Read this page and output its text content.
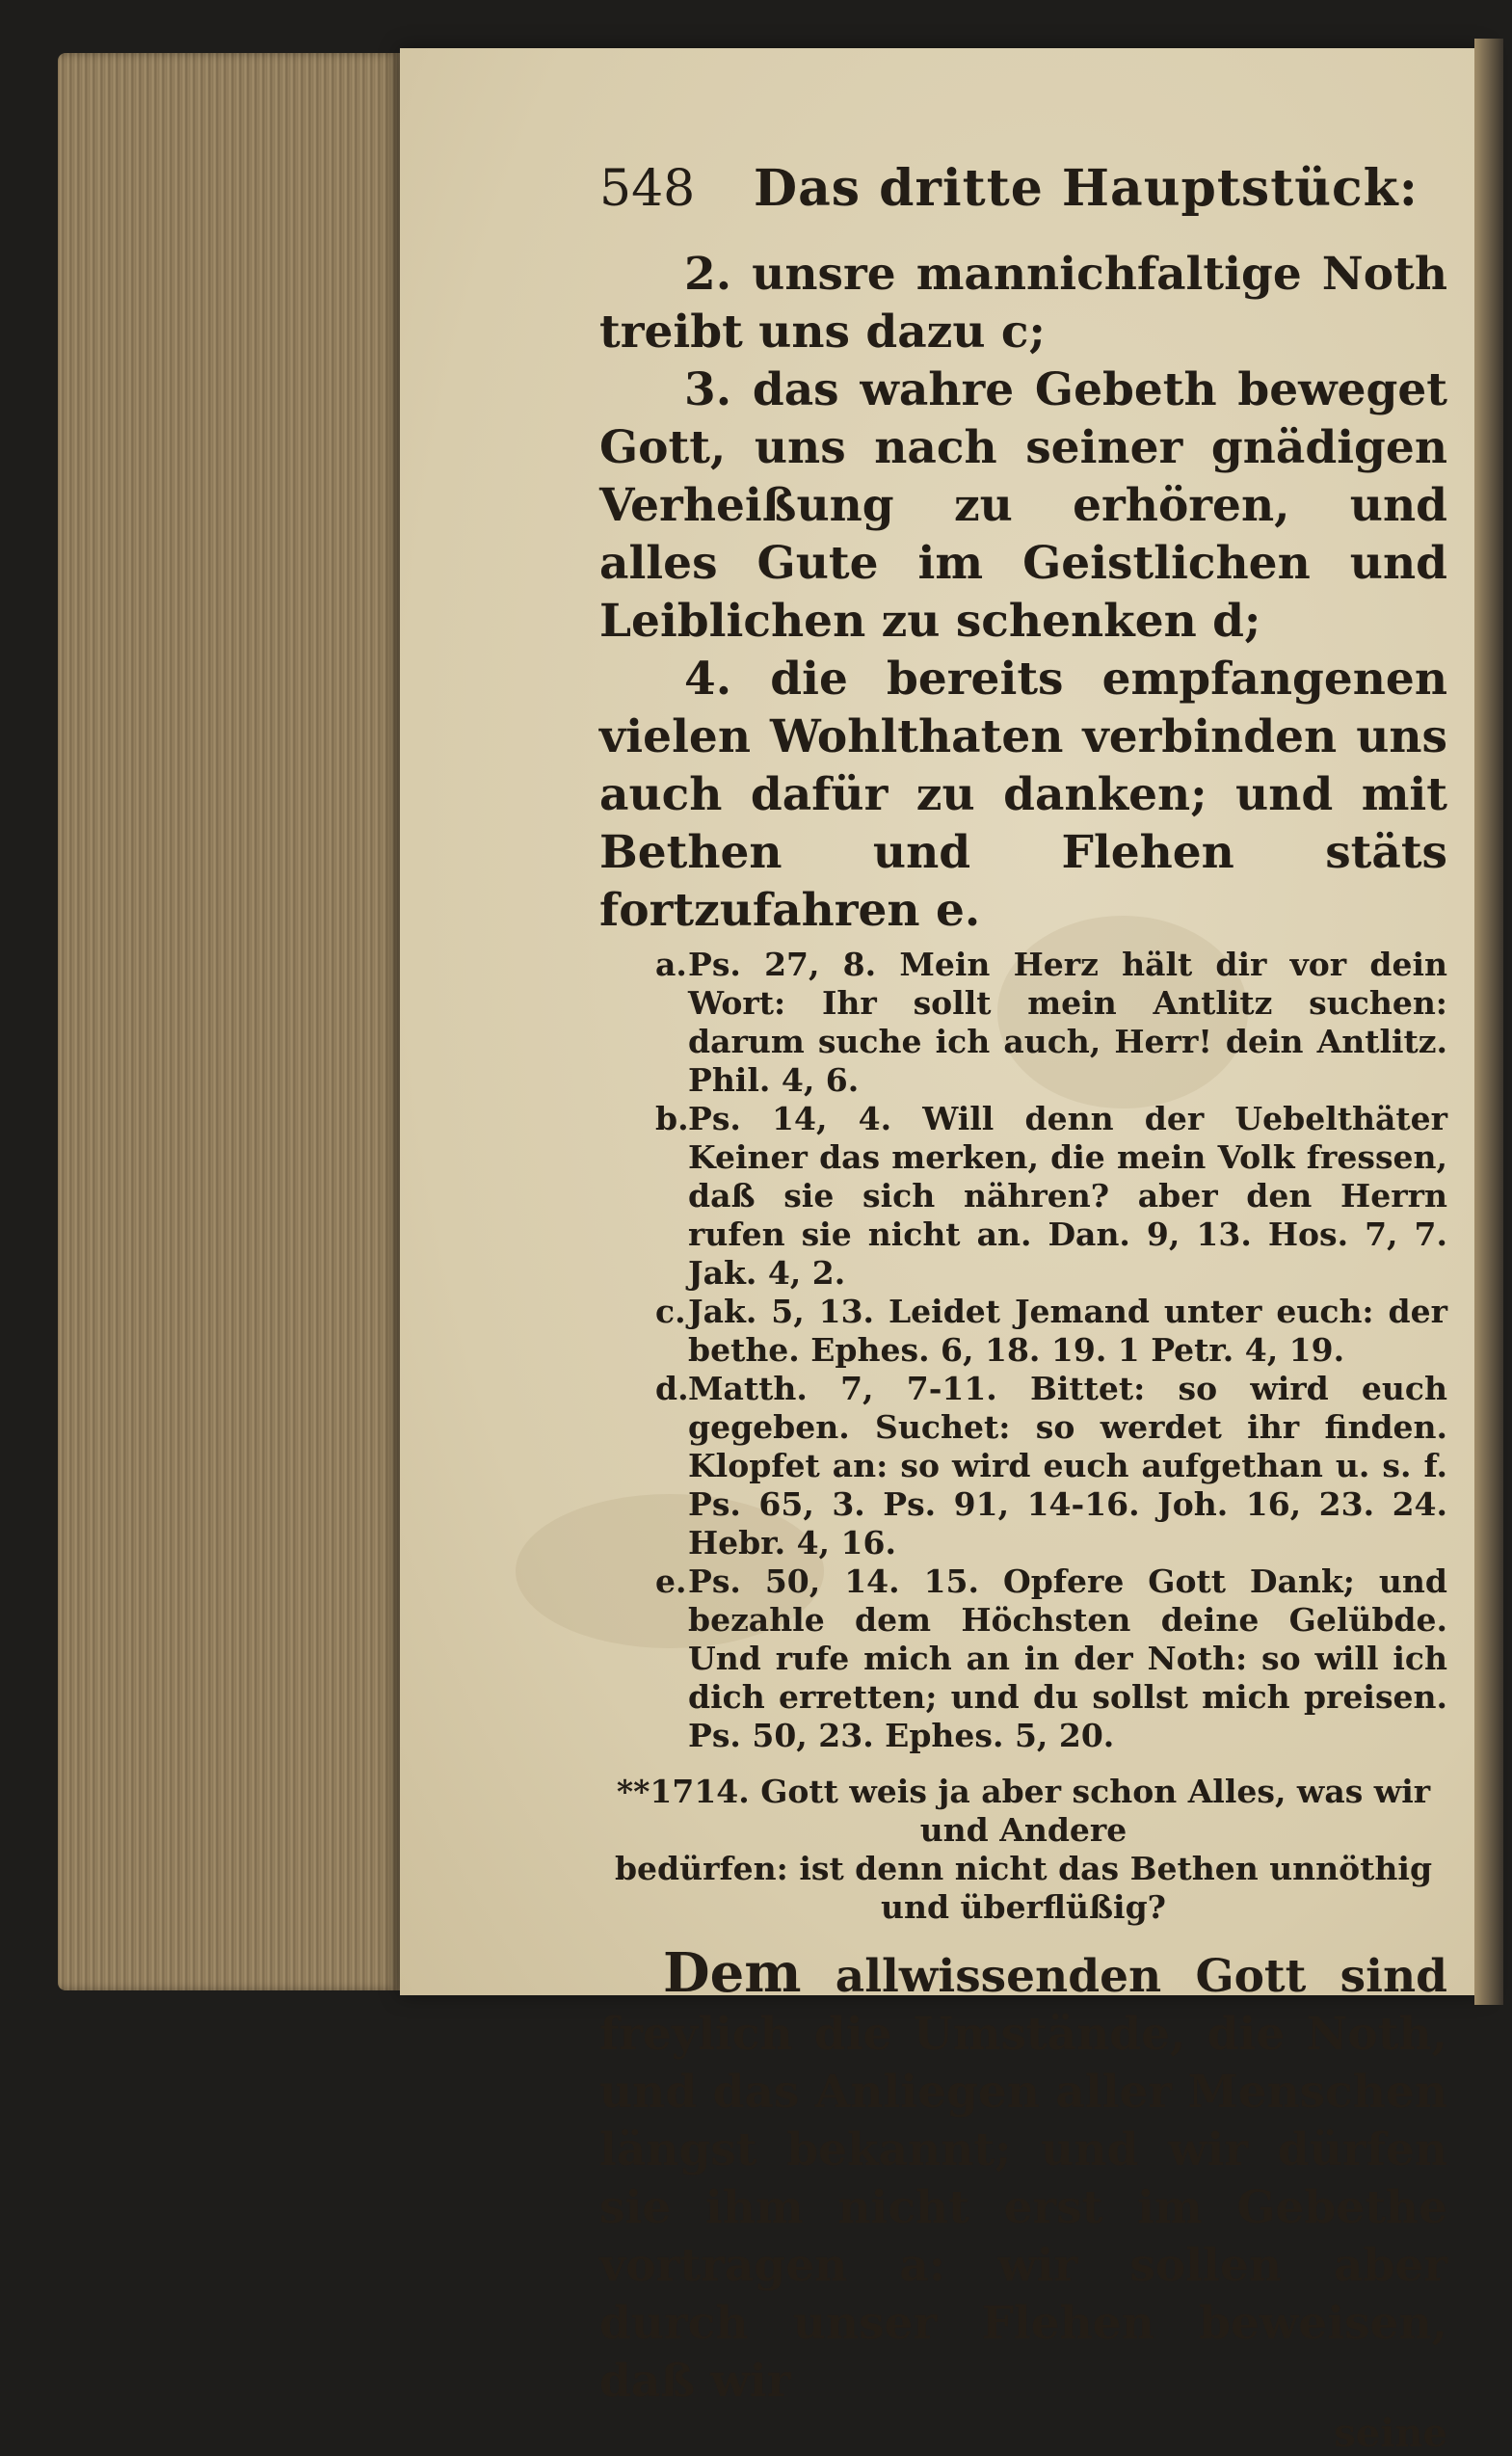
548	Das dritte Hauptstück:
2. unsre mannichfaltige Noth treibt uns dazu c;
3. das wahre Gebeth beweget Gott, uns nach seiner gnädigen Verheißung zu erhören, und alles Gute im Geistlichen und Leiblichen zu schenken d;
4. die bereits empfangenen vielen Wohlthaten verbinden uns auch dafür zu danken; und mit Bethen und Flehen stäts fortzufahren e.
a. Ps. 27, 8. Mein Herz hält dir vor dein Wort: Ihr sollt mein Antlitz suchen: darum suche ich auch, Herr! dein Antlitz. Phil. 4, 6.
b. Ps. 14, 4. Will denn der Uebelthäter Keiner das merken, die mein Volk fressen, daß sie sich nähren? aber den Herrn rufen sie nicht an. Dan. 9, 13. Hos. 7, 7. Jak. 4, 2.
c. Jak. 5, 13. Leidet Jemand unter euch: der bethe. Ephes. 6, 18. 19. 1 Petr. 4, 19.
d. Matth. 7, 7-11. Bittet: so wird euch gegeben. Suchet: so werdet ihr finden. Klopfet an: so wird euch aufgethan u. s. f. Ps. 65, 3. Ps. 91, 14-16. Joh. 16, 23. 24. Hebr. 4, 16.
e. Ps. 50, 14. 15. Opfere Gott Dank; und bezahle dem Höchsten deine Gelübde. Und rufe mich an in der Noth: so will ich dich erretten; und du sollst mich preisen. Ps. 50, 23. Ephes. 5, 20.
**1714. Gott weis ja aber schon Alles, was wir und Andere
bedürfen: ist denn nicht das Bethen unnöthig
und überflüßig?
Dem allwissenden Gott sind freylich die Umstände, die Noth, und das Anliegen aller Menschen längst bekannt; und wir dürfen sie ihm nicht erst im Gebethe vortragen a: wir sollen aber durch unser Flehen beweisen, daß wir
seine
